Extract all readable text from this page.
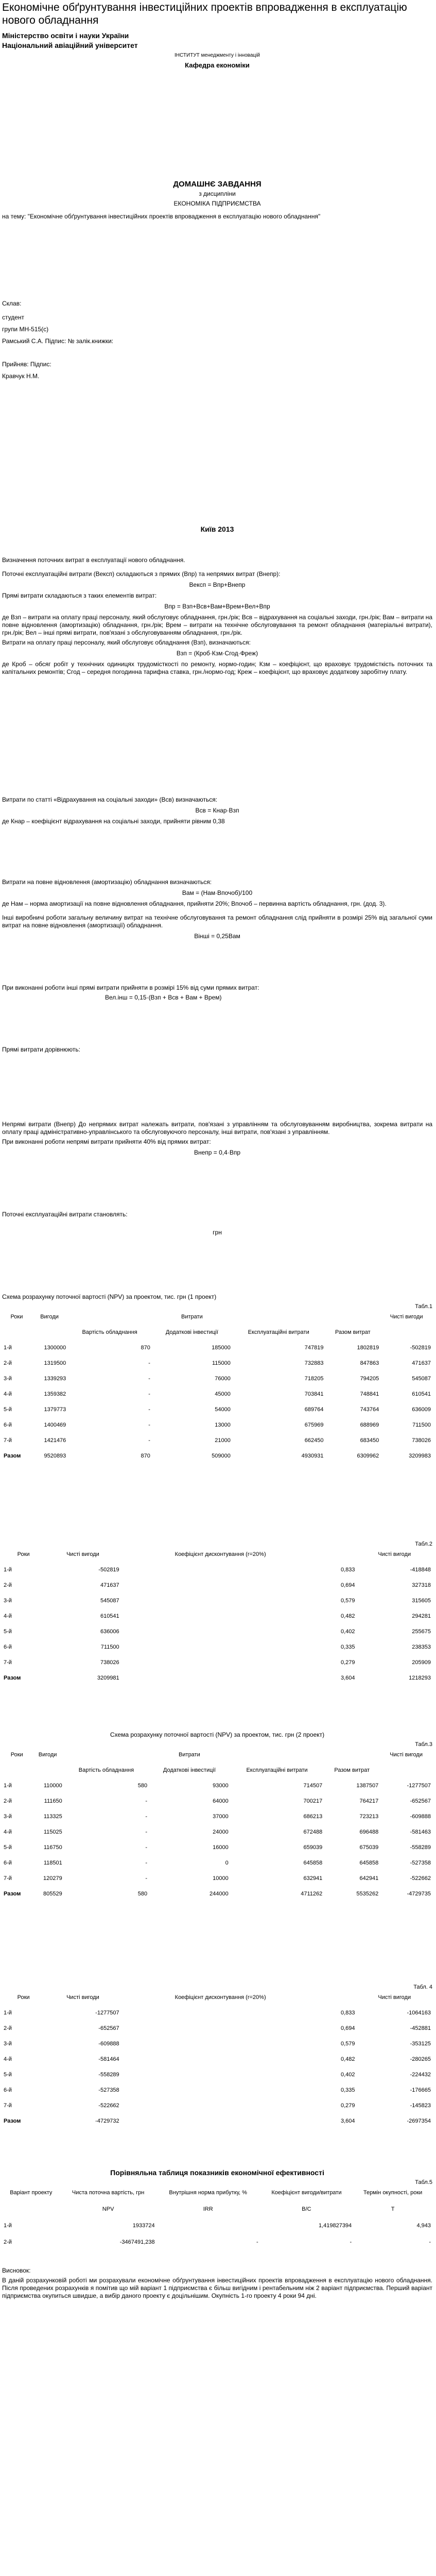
Економічне обґрунтування інвестиційних проектів впровадження в експлуатацію нового обладнання

Міністерство освіти і науки України

Національний авіаційний університет

ІНСТИТУТ менеджменту і інновацій

Кафедра економіки

ДОМАШНЄ ЗАВДАННЯ

з дисципліни

ЕКОНОМІКА ПІДПРИЄМСТВА

на тему: "Економічне обґрунтування інвестиційних проектів впровадження в експлуатацію нового обладнання"

Склав:

студент

групи МН-515(с)

Рамський С.А. Підпис: № залік.книжки:

Прийняв: Підпис:

Кравчук Н.М.

Київ 2013

Визначення поточних витрат в експлуатації нового обладнання.

Поточні експлуатаційні витрати (Вексп) складаються з прямих (Впр) та непрямих витрат (Внепр):

Вексп = Впр+Внепр

Прямі витрати складаються з таких елементів витрат:

Впр = Взп+Всв+Вам+Врем+Вел+Впр

де Взп – витрати на оплату праці персоналу, який обслуговує обладнання, грн./рік; Всв – відрахування на соціальні заходи, грн./рік; Вам – витрати на повне відновлення (амортизацію) обладнання, грн./рік; Врем – витрати на технічне обслуговування та ремонт обладнання (матеріальні витрати), грн./рік; Вел – інші прямі витрати, пов'язані з обслуговуванням обладнання, грн./рік.

Витрати на оплату праці персоналу, який обслуговує обладнання (Взп), визначаються:

Взп = (Кроб·Кзм·Сгод·Фреж)

де Кроб – обсяг робіт у технічних одиницях трудомісткості по ремонту, нормо-годин; Кзм – коефіцієнт, що враховує трудомісткість поточних та капітальних ремонтів; Сгод – середня погодинна тарифна ставка, грн./нормо-год; Креж – коефіцієнт, що враховує додаткову заробітну плату.

Витрати по статті «Відрахування на соціальні заходи» (Всв) визначаються:

Всв = Кнар·Взп

де Кнар – коефіцієнт відрахування на соціальні заходи, прийняти рівним 0,38

Витрати на повне відновлення (амортизацію) обладнання визначаються:

Вам = (Нам·Впочоб)/100

де Нам – норма амортизації на повне відновлення обладнання, прийняти 20%; Впочоб – первинна вартість обладнання, грн. (дод. 3).

Інші виробничі роботи загальну величину витрат на технічне обслуговування та ремонт обладнання слід прийняти в розмірі 25% від загальної суми витрат на повне відновлення (амортизації) обладнання.

Вінші = 0,25Вам

При виконанні роботи інші прямі витрати прийняти в розмірі 15% від суми прямих витрат:

Вел.інш = 0,15·(Взп + Всв + Вам + Врем)

Прямі витрати дорівнюють:

Непрямі витрати (Внепр) До непрямих витрат належать витрати, пов'язані з управлінням та обслуговуванням виробництва, зокрема витрати на оплату праці адміністративно-управлінського та обслуговуючого персоналу, інші витрати, пов'язані з управлінням.

При виконанні роботи непрямі витрати прийняти 40% від прямих витрат:

Внепр = 0,4·Впр

Поточні експлуатаційні витрати становлять:

грн

Схема розрахунку поточної вартості (NPV) за проектом, тис. грн (1 проект)

Табл.1

Роки	Вигоди		Витрати			Чисті вигоди
		Вартість обладнання	Додаткові інвестиції	Експлуатаційні витрати	Разом витрат	
1-й	1300000	870	185000	747819	1802819	-502819
2-й	1319500	-	115000	732883	847863	471637
3-й	1339293	-	76000	718205	794205	545087
4-й	1359382	-	45000	703841	748841	610541
5-й	1379773	-	54000	689764	743764	636009
6-й	1400469	-	13000	675969	688969	711500
7-й	1421476	-	21000	662450	683450	738026
Разом	9520893	870	509000	4930931	6309962	3209983

Табл.2

Роки	Чисті вигоди	Коефіцієнт дисконтування (r=20%)		Чисті вигоди
1-й	-502819		0,833	-418848
2-й	471637		0,694	327318
3-й	545087		0,579	315605
4-й	610541		0,482	294281
5-й	636006		0,402	255675
6-й	711500		0,335	238353
7-й	738026		0,279	205909
Разом	3209981		3,604	1218293

Схема розрахунку поточної вартості (NPV) за проектом, тис. грн (2 проект)

Табл.3

Роки	Вигоди		Витрати			Чисті вигоди
		Вартість обладнання	Додаткові інвестиції	Експлуатаційні витрати	Разом витрат	
1-й	110000	580	93000	714507	1387507	-1277507
2-й	111650	-	64000	700217	764217	-652567
3-й	113325	-	37000	686213	723213	-609888
4-й	115025	-	24000	672488	696488	-581463
5-й	116750	-	16000	659039	675039	-558289
6-й	118501	-	0	645858	645858	-527358
7-й	120279	-	10000	632941	642941	-522662
Разом	805529	580	244000	4711262	5535262	-4729735

Табл. 4

Роки	Чисті вигоди	Коефіцієнт дисконтування (r=20%)		Чисті вигоди
1-й	-1277507		0,833	-1064163
2-й	-652567		0,694	-452881
3-й	-609888		0,579	-353125
4-й	-581464		0,482	-280265
5-й	-558289		0,402	-224432
6-й	-527358		0,335	-176665
7-й	-522662		0,279	-145823
Разом	-4729732		3,604	-2697354

Порівняльна таблиця показників економічної ефективності

Табл.5

Варіант проекту	Чиста поточна вартість, грн	Внутрішня норма прибутку, %	Коефіцієнт вигоди/витрати	Термін окупності, роки
	NPV	IRR	B/C	T
1-й	1933724		1,419827394	4,943
2-й	-3467491,238	-	-	-

Висновок:

В даній розрахунковій роботі ми розрахували економічне обґрунтування інвестиційних проектів впровадження в експлуатацію нового обладнання. Після проведених розрахунків я помітив що мій варіант 1 підприємства є більш вигідним і рентабельним ніж 2 варіант підприємства. Перший варіант підприємства окупиться швидше, а вибір даного проекту є доцільнішим. Окупність 1-го проекту 4 роки 94 дні.
